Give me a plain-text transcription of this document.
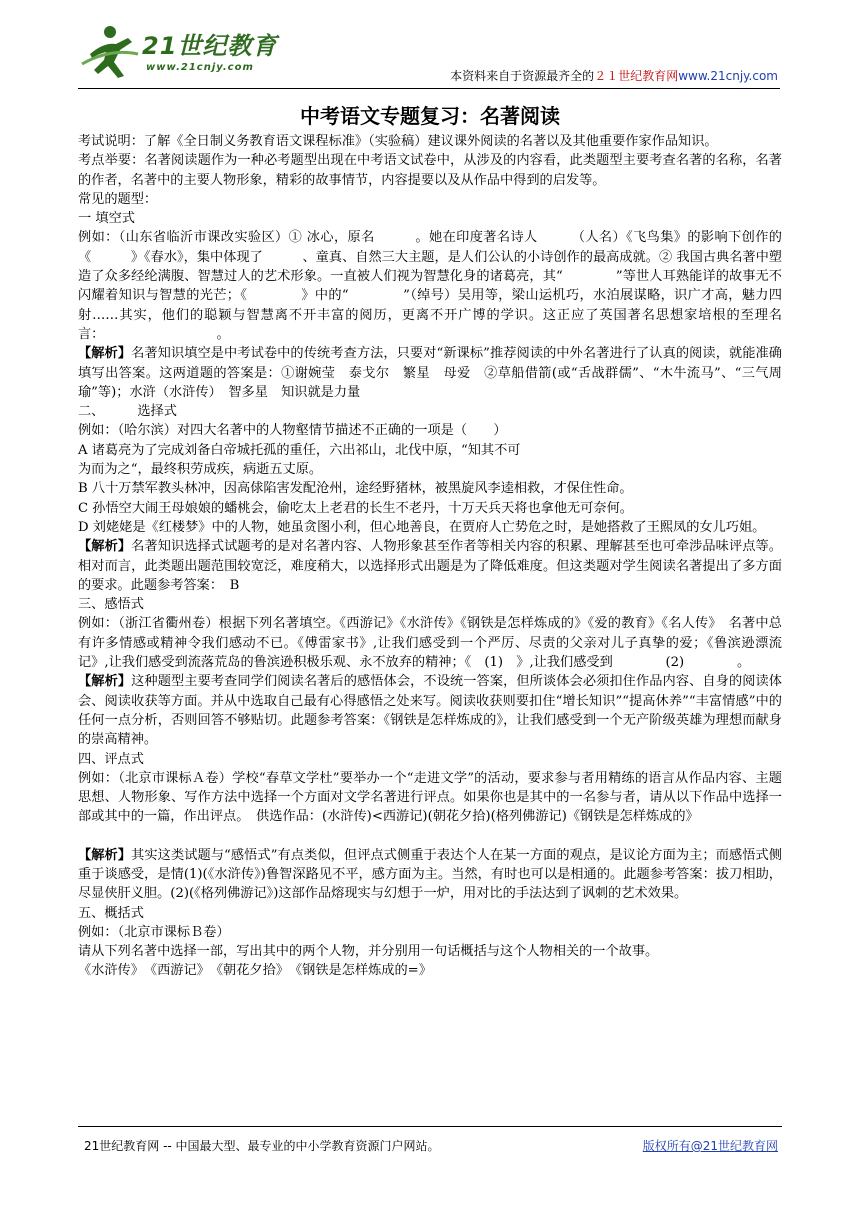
21世纪教育
www.21cnjy.com
本资料来自于资源最齐全的２１世纪教育网www.21cnjy.com
中考语文专题复习：名著阅读

考试说明：了解《全日制义务教育语文课程标准》（实验稿）建议课外阅读的名著以及其他重要作家作品知识。

考点举要：名著阅读题作为一种必考题型出现在中考语文试卷中，从涉及的内容看，此类题型主要考查名著的名称，名著的作者，名著中的主要人物形象，精彩的故事情节，内容提要以及从作品中得到的启发等。

常见的题型：

一 填空式

例如：（山东省临沂市课改实验区）① 冰心，原名　　　。她在印度著名诗人　　　（人名）《飞鸟集》的影响下创作的《　　　》《春水》，集中体现了　　　、童真、自然三大主题，是人们公认的小诗创作的最高成就。② 我国古典名著中塑造了众多经纶满腹、智慧过人的艺术形象。一直被人们视为智慧化身的诸葛亮，其“　　　　”等世人耳熟能详的故事无不闪耀着知识与智慧的光芒；《　　　　》中的“　　　　”（绰号）吴用等，梁山运机巧，水泊展谋略，识广才高，魅力四射……其实，他们的聪颖与智慧离不开丰富的阅历，更离不开广博的学识。这正应了英国著名思想家培根的至理名言：　　　　　　　　　。

【解析】名著知识填空是中考试卷中的传统考查方法，只要对“新课标”推荐阅读的中外名著进行了认真的阅读，就能准确填写出答案。这两道题的答案是：①谢婉莹　泰戈尔　繁星　母爱　②草船借箭(或“舌战群儒”、“木牛流马”、“三气周瑜”等)；水浒（水浒传）　智多星　知识就是力量

二、　　　选择式

例如：（哈尔滨）对四大名著中的人物壑情节描述不正确的一项是（　　）

A 诸葛亮为了完成刘备白帝城托孤的重任，六出祁山，北伐中原，“知其不可

为而为之“，最终积劳成疾，病逝五丈原。

B 八十万禁军教头林冲，因高俅陷害发配沧州，途经野猪林，被黑旋风李逵相救，才保住性命。

C 孙悟空大闹王母娘娘的蟠桃会，偷吃太上老君的长生不老丹，十万天兵天将也拿他无可奈何。

D 刘姥姥是《红楼梦》中的人物，她虽贪图小利，但心地善良，在贾府人亡势危之时，是她搭救了王熙凤的女儿巧姐。

【解析】名著知识选择式试题考的是对名著内容、人物形象甚至作者等相关内容的积累、理解甚至也可牵涉品味评点等。相对而言，此类题出题范围较宽泛，难度稍大，以选择形式出题是为了降低难度。但这类题对学生阅读名著提出了多方面的要求。此题参考答案：　B

三、感悟式

例如：（浙江省衢州卷）根据下列名著填空。《西游记》《水浒传》《钢铁是怎样炼成的》《爱的教育》《名人传》　名著中总有许多情感或精神令我们感动不已。《傅雷家书》,让我们感受到一个严厉、尽责的父亲对儿子真挚的爱；《鲁滨逊漂流记》,让我们感受到流落荒岛的鲁滨逊积极乐观、永不放弃的精神；《　(1)　》,让我们感受到　　　　(2)　　　　。

【解析】这种题型主要考查同学们阅读名著后的感悟体会，不设统一答案，但所谈体会必须扣住作品内容、自身的阅读体会、阅读收获等方面。并从中选取自己最有心得感悟之处来写。阅读收获则要扣住“增长知识”“提高休养”“丰富情感”中的任何一点分析，否则回答不够贴切。此题参考答案：《钢铁是怎样炼成的》，让我们感受到一个无产阶级英雄为理想而献身的崇高精神。

四、评点式

例如：（北京市课标Ａ卷）学校“春草文学杜”要举办一个“走进文学”的活动，要求参与者用精练的语言从作品内容、主题思想、人物形象、写作方法中选择一个方面对文学名著进行评点。如果你也是其中的一名参与者，请从以下作品中选择一部或其中的一篇，作出评点。　供选作品：(水浒传)<西游记)(朝花夕拾)(格列佛游记)《钢铁是怎样炼成的》

【解析】其实这类试题与“感悟式”有点类似，但评点式侧重于表达个人在某一方面的观点，是议论方面为主；而感悟式侧重于谈感受，是情(1)(《水浒传》)鲁智深路见不平，感方面为主。当然，有时也可以是相通的。此题参考答案：拔刀相助，尽显侠肝义胆。(2)(《格列佛游记》)这部作品熔现实与幻想于一炉，用对比的手法达到了讽刺的艺术效果。

五、概括式

例如：（北京市课标Ｂ卷）

请从下列名著中选择一部，写出其中的两个人物，并分别用一句话概括与这个人物相关的一个故事。

《水浒传》　《西游记》　《朝花夕拾》　《钢铁是怎样炼成的=》

21世纪教育网 -- 中国最大型、最专业的中小学教育资源门户网站。	版权所有@21世纪教育网
